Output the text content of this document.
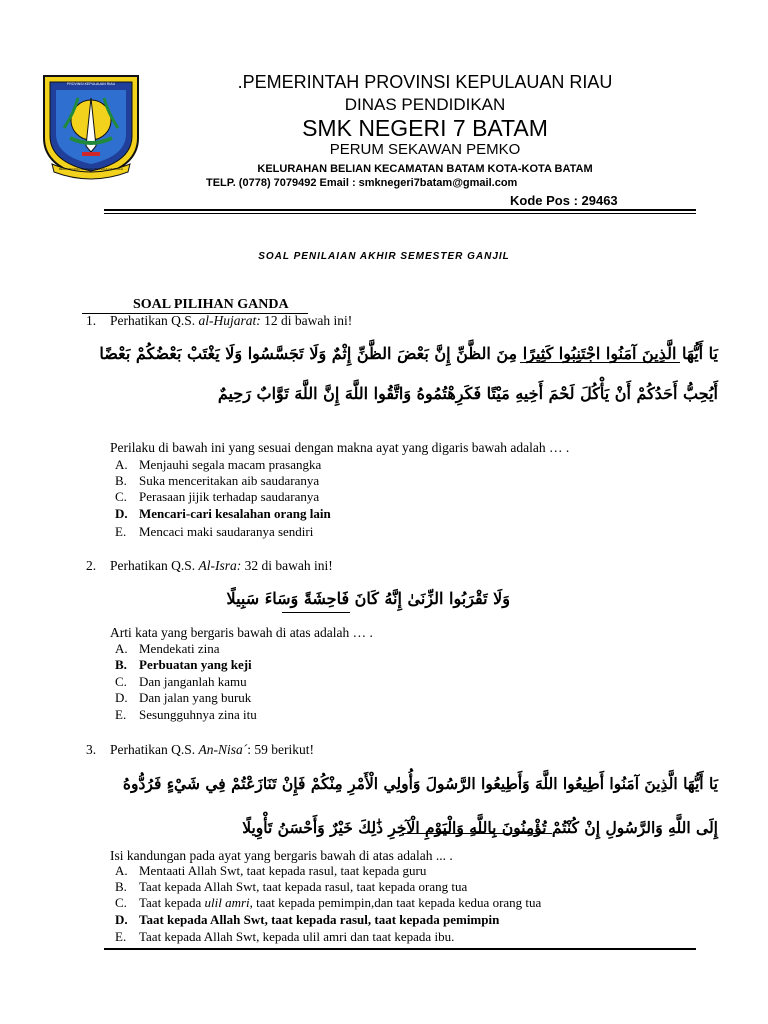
PROVINSI KEPULAUAN RIAU
BERPANCANG AMANAH BERSAUH MARWAH
.PEMERINTAH PROVINSI KEPULAUAN RIAU
DINAS PENDIDIKAN
SMK NEGERI 7 BATAM
PERUM SEKAWAN PEMKO
KELURAHAN BELIAN KECAMATAN BATAM KOTA-KOTA BATAM
TELP. (0778) 7079492 Email : smknegeri7batam@gmail.com
Kode Pos : 29463
SOAL PENILAIAN AKHIR SEMESTER GANJIL
SOAL PILIHAN GANDA
1. Perhatikan Q.S. al-Hujarat: 12 di bawah ini!
يَا أَيُّهَا الَّذِينَ آمَنُوا اجْتَنِبُوا كَثِيرًا مِنَ الظَّنِّ إِنَّ بَعْضَ الظَّنِّ إِثْمٌ وَلَا تَجَسَّسُوا وَلَا يَغْتَبْ بَعْضُكُمْ بَعْضًا
أَيُحِبُّ أَحَدُكُمْ أَنْ يَأْكُلَ لَحْمَ أَخِيهِ مَيْتًا فَكَرِهْتُمُوهُ وَاتَّقُوا اللَّهَ إِنَّ اللَّهَ تَوَّابٌ رَحِيمٌ
Perilaku di bawah ini yang sesuai dengan makna ayat yang digaris bawah adalah … .
A. Menjauhi segala macam prasangka
B. Suka menceritakan aib saudaranya
C. Perasaan jijik terhadap saudaranya
D. Mencari-cari kesalahan orang lain
E. Mencaci maki saudaranya sendiri
2. Perhatikan Q.S. Al-Isra: 32 di bawah ini!
وَلَا تَقْرَبُوا الزِّنَىٰ إِنَّهُ كَانَ فَاحِشَةً وَسَاءَ سَبِيلًا
Arti kata yang bergaris bawah di atas adalah … .
A. Mendekati zina
B. Perbuatan yang keji
C. Dan janganlah kamu
D. Dan jalan yang buruk
E. Sesungguhnya zina itu
3. Perhatikan Q.S. An-Nisa´: 59 berikut!
يَا أَيُّهَا الَّذِينَ آمَنُوا أَطِيعُوا اللَّهَ وَأَطِيعُوا الرَّسُولَ وَأُولِي الْأَمْرِ مِنْكُمْ فَإِنْ تَنَازَعْتُمْ فِي شَيْءٍ فَرُدُّوهُ
إِلَى اللَّهِ وَالرَّسُولِ إِنْ كُنْتُمْ تُؤْمِنُونَ بِاللَّهِ وَالْيَوْمِ الْآخِرِ ذَٰلِكَ خَيْرٌ وَأَحْسَنُ تَأْوِيلًا
Isi kandungan pada ayat yang bergaris bawah di atas adalah ... .
A. Mentaati Allah Swt, taat kepada rasul, taat kepada guru
B. Taat kepada Allah Swt, taat kepada rasul, taat kepada orang tua
C. Taat kepada ulil amri, taat kepada pemimpin,dan taat kepada kedua orang tua
D. Taat kepada Allah Swt, taat kepada rasul, taat kepada pemimpin
E. Taat kepada Allah Swt, kepada ulil amri dan taat kepada ibu.
